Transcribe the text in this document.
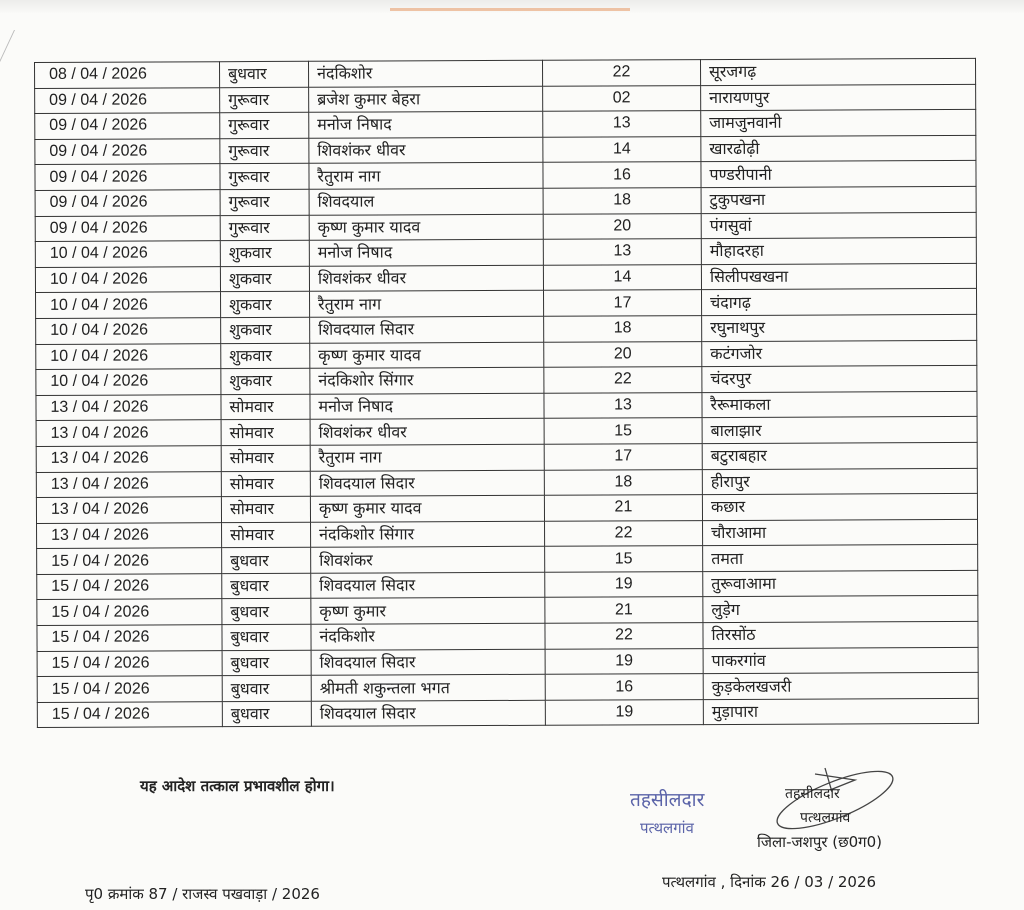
08 / 04 / 2026	बुधवार	नंदकिशोर	22	सूरजगढ़
09 / 04 / 2026	गुरूवार	ब्रजेश कुमार बेहरा	02	नारायणपुर
09 / 04 / 2026	गुरूवार	मनोज निषाद	13	जामजुनवानी
09 / 04 / 2026	गुरूवार	शिवशंकर धीवर	14	खारढोढ़ी
09 / 04 / 2026	गुरूवार	रैतुराम नाग	16	पण्डरीपानी
09 / 04 / 2026	गुरूवार	शिवदयाल	18	टुकुपखना
09 / 04 / 2026	गुरूवार	कृष्ण कुमार यादव	20	पंगसुवां
10 / 04 / 2026	शुकवार	मनोज निषाद	13	मौहादरहा
10 / 04 / 2026	शुकवार	शिवशंकर धीवर	14	सिलीपखखना
10 / 04 / 2026	शुकवार	रैतुराम नाग	17	चंदागढ़
10 / 04 / 2026	शुकवार	शिवदयाल सिदार	18	रघुनाथपुर
10 / 04 / 2026	शुकवार	कृष्ण कुमार यादव	20	कटंगजोर
10 / 04 / 2026	शुकवार	नंदकिशोर सिंगार	22	चंदरपुर
13 / 04 / 2026	सोमवार	मनोज निषाद	13	रैरूमाकला
13 / 04 / 2026	सोमवार	शिवशंकर धीवर	15	बालाझार
13 / 04 / 2026	सोमवार	रैतुराम नाग	17	बटुराबहार
13 / 04 / 2026	सोमवार	शिवदयाल सिदार	18	हीरापुर
13 / 04 / 2026	सोमवार	कृष्ण कुमार यादव	21	कछार
13 / 04 / 2026	सोमवार	नंदकिशोर सिंगार	22	चौराआमा
15 / 04 / 2026	बुधवार	शिवशंकर	15	तमता
15 / 04 / 2026	बुधवार	शिवदयाल सिदार	19	तुरूवाआमा
15 / 04 / 2026	बुधवार	कृष्ण कुमार	21	लुड़ेग
15 / 04 / 2026	बुधवार	नंदकिशोर	22	तिरसोंठ
15 / 04 / 2026	बुधवार	शिवदयाल सिदार	19	पाकरगांव
15 / 04 / 2026	बुधवार	श्रीमती शकुन्तला भगत	16	कुड़केलखजरी
15 / 04 / 2026	बुधवार	शिवदयाल सिदार	19	मुड़ापारा
यह आदेश तत्काल प्रभावशील होगा।
तहसीलदार
पत्थलगांव
तहसीलदार
पत्थलगांव
जिला-जशपुर (छ0ग0)
पत्थलगांव , दिनांक 26 / 03 / 2026
पृ0 क्रमांक 87 / राजस्व पखवाड़ा / 2026
